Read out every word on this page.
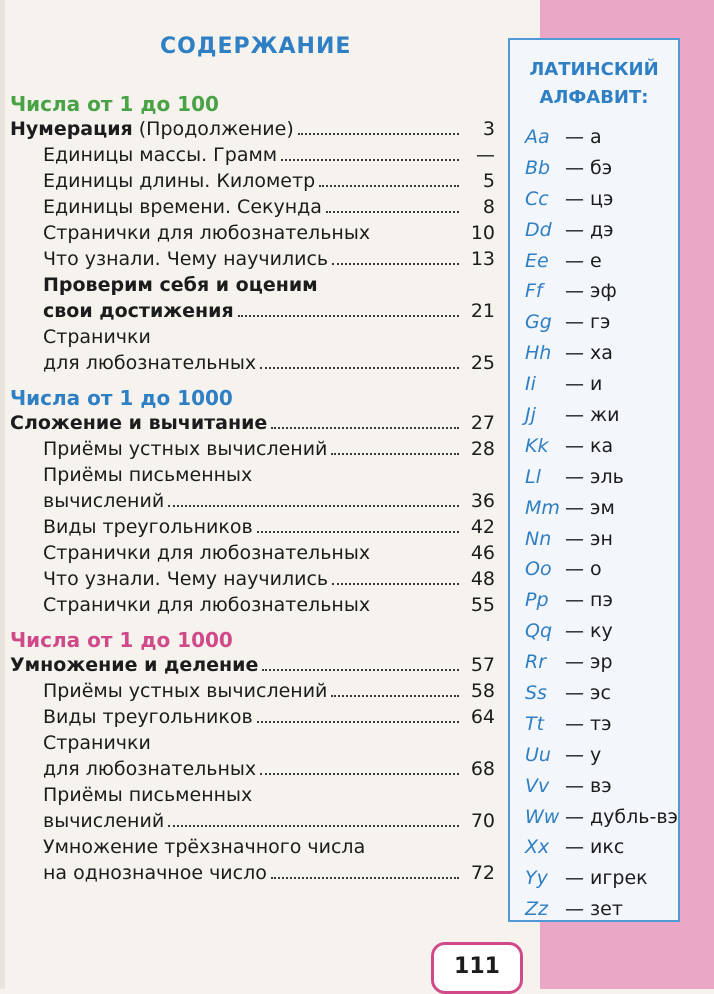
СОДЕРЖАНИЕ
Числа от 1 до 100
Нумерация (Продолжение)	3
Единицы массы. Грамм	—
Единицы длины. Километр	5
Единицы времени. Секунда	8
Странички для любознательных	10
Что узнали. Чему научились	13
Проверим себя и оценим
свои достижения	21
Странички
для любознательных	25
Числа от 1 до 1000
Сложение и вычитание	27
Приёмы устных вычислений	28
Приёмы письменных
вычислений	36
Виды треугольников	42
Странички для любознательных	46
Что узнали. Чему научились	48
Странички для любознательных	55
Числа от 1 до 1000
Умножение и деление	57
Приёмы устных вычислений	58
Виды треугольников	64
Странички
для любознательных	68
Приёмы письменных
вычислений	70
Умножение трёхзначного числа
на однозначное число	72
ЛАТИНСКИЙ
АЛФАВИТ:
Aa — а
Bb — бэ
Cc — цэ
Dd — дэ
Ee — е
Ff — эф
Gg — гэ
Hh — ха
Ii — и
Jj — жи
Kk — ка
Ll — эль
Mm — эм
Nn — эн
Oo — о
Pp — пэ
Qq — ку
Rr — эр
Ss — эс
Tt — тэ
Uu — у
Vv — вэ
Ww — дубль-вэ
Xx — икс
Yy — игрек
Zz — зет
111
